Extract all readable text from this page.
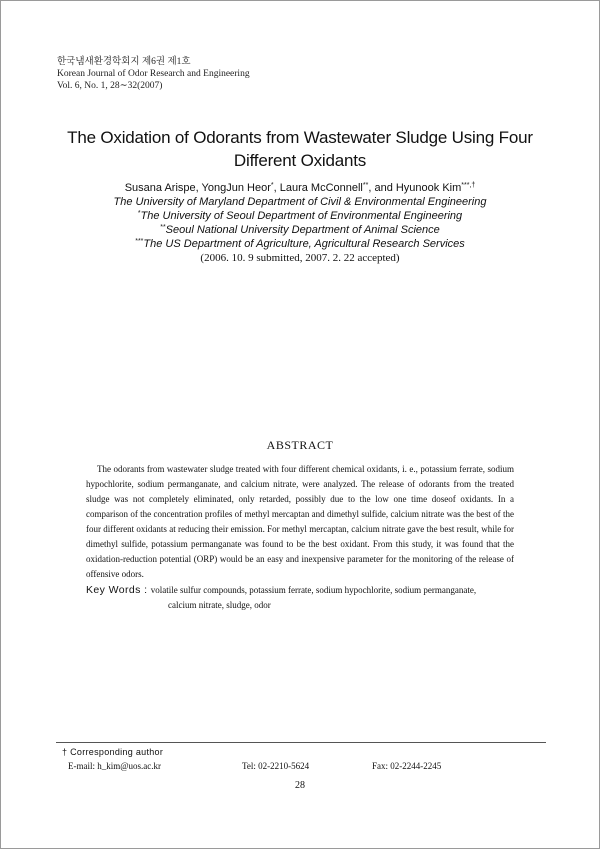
한국냄새환경학회지 제6권 제1호
Korean Journal of Odor Research and Engineering
Vol. 6, No. 1, 28∼32(2007)
The Oxidation of Odorants from Wastewater Sludge Using Four
Different Oxidants

Susana Arispe, YongJun Heor*, Laura McConnell**, and Hyunook Kim***,†

The University of Maryland Department of Civil & Environmental Engineering

*The University of Seoul Department of Environmental Engineering

**Seoul National University Department of Animal Science

***The US Department of Agriculture, Agricultural Research Services

(2006. 10. 9 submitted, 2007. 2. 22 accepted)

ABSTRACT

The odorants from wastewater sludge treated with four different chemical oxidants, i. e., potassium ferrate, sodium hypochlorite, sodium permanganate, and calcium nitrate, were analyzed. The release of odorants from the treated sludge was not completely eliminated, only retarded, possibly due to the low one time doseof oxidants. In a comparison of the concentration profiles of methyl mercaptan and dimethyl sulfide, calcium nitrate was the best of the four different oxidants at reducing their emission. For methyl mercaptan, calcium nitrate gave the best result, while for dimethyl sulfide, potassium permanganate was found to be the best oxidant. From this study, it was found that the oxidation-reduction potential (ORP) would be an easy and inexpensive parameter for the monitoring of the release of offensive odors.

Key Words : volatile sulfur compounds, potassium ferrate, sodium hypochlorite, sodium permanganate,
calcium nitrate, sludge, odor
† Corresponding author
E-mail: h_kim@uos.ac.kr	Tel: 02-2210-5624	Fax: 02-2244-2245
28
